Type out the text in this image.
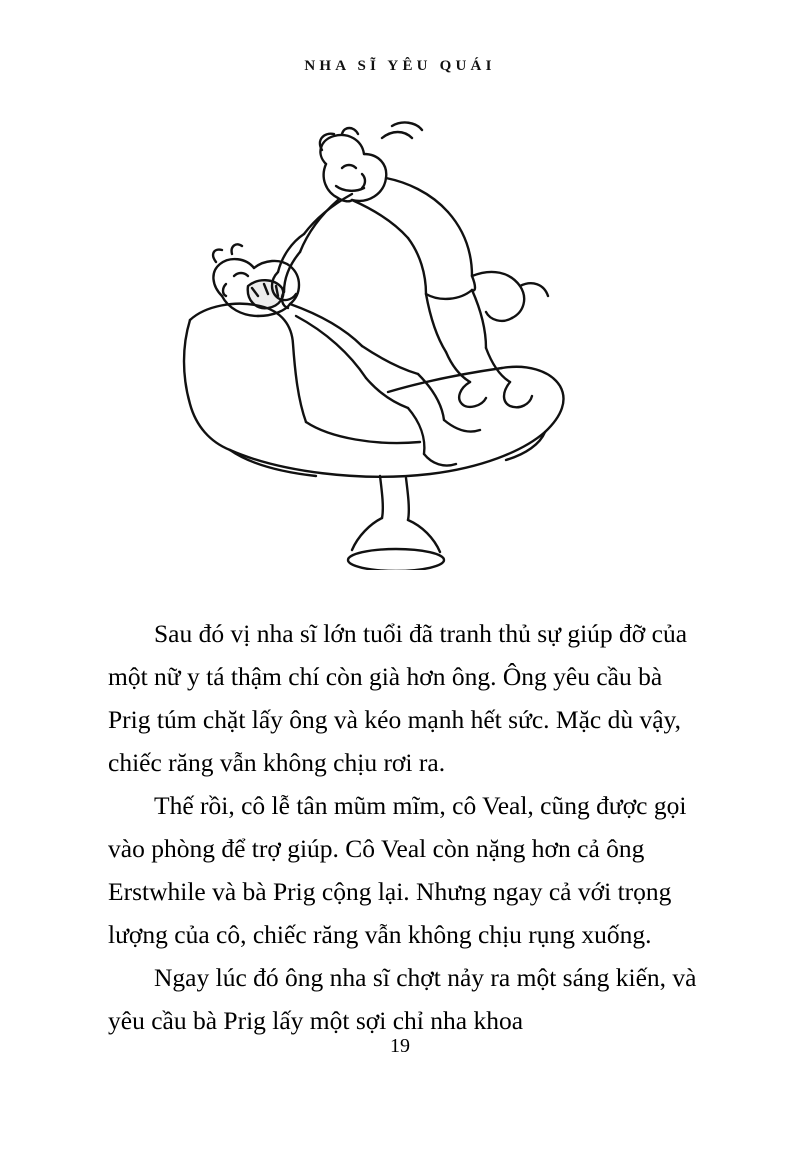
NHA SĨ YÊU QUÁI

Sau đó vị nha sĩ lớn tuổi đã tranh thủ sự giúp đỡ của một nữ y tá thậm chí còn già hơn ông. Ông yêu cầu bà Prig túm chặt lấy ông và kéo mạnh hết sức. Mặc dù vậy, chiếc răng vẫn không chịu rơi ra.

Thế rồi, cô lễ tân mũm mĩm, cô Veal, cũng được gọi vào phòng để trợ giúp. Cô Veal còn nặng hơn cả ông Erstwhile và bà Prig cộng lại. Nhưng ngay cả với trọng lượng của cô, chiếc răng vẫn không chịu rụng xuống.

Ngay lúc đó ông nha sĩ chợt nảy ra một sáng kiến, và yêu cầu bà Prig lấy một sợi chỉ nha khoa

19
